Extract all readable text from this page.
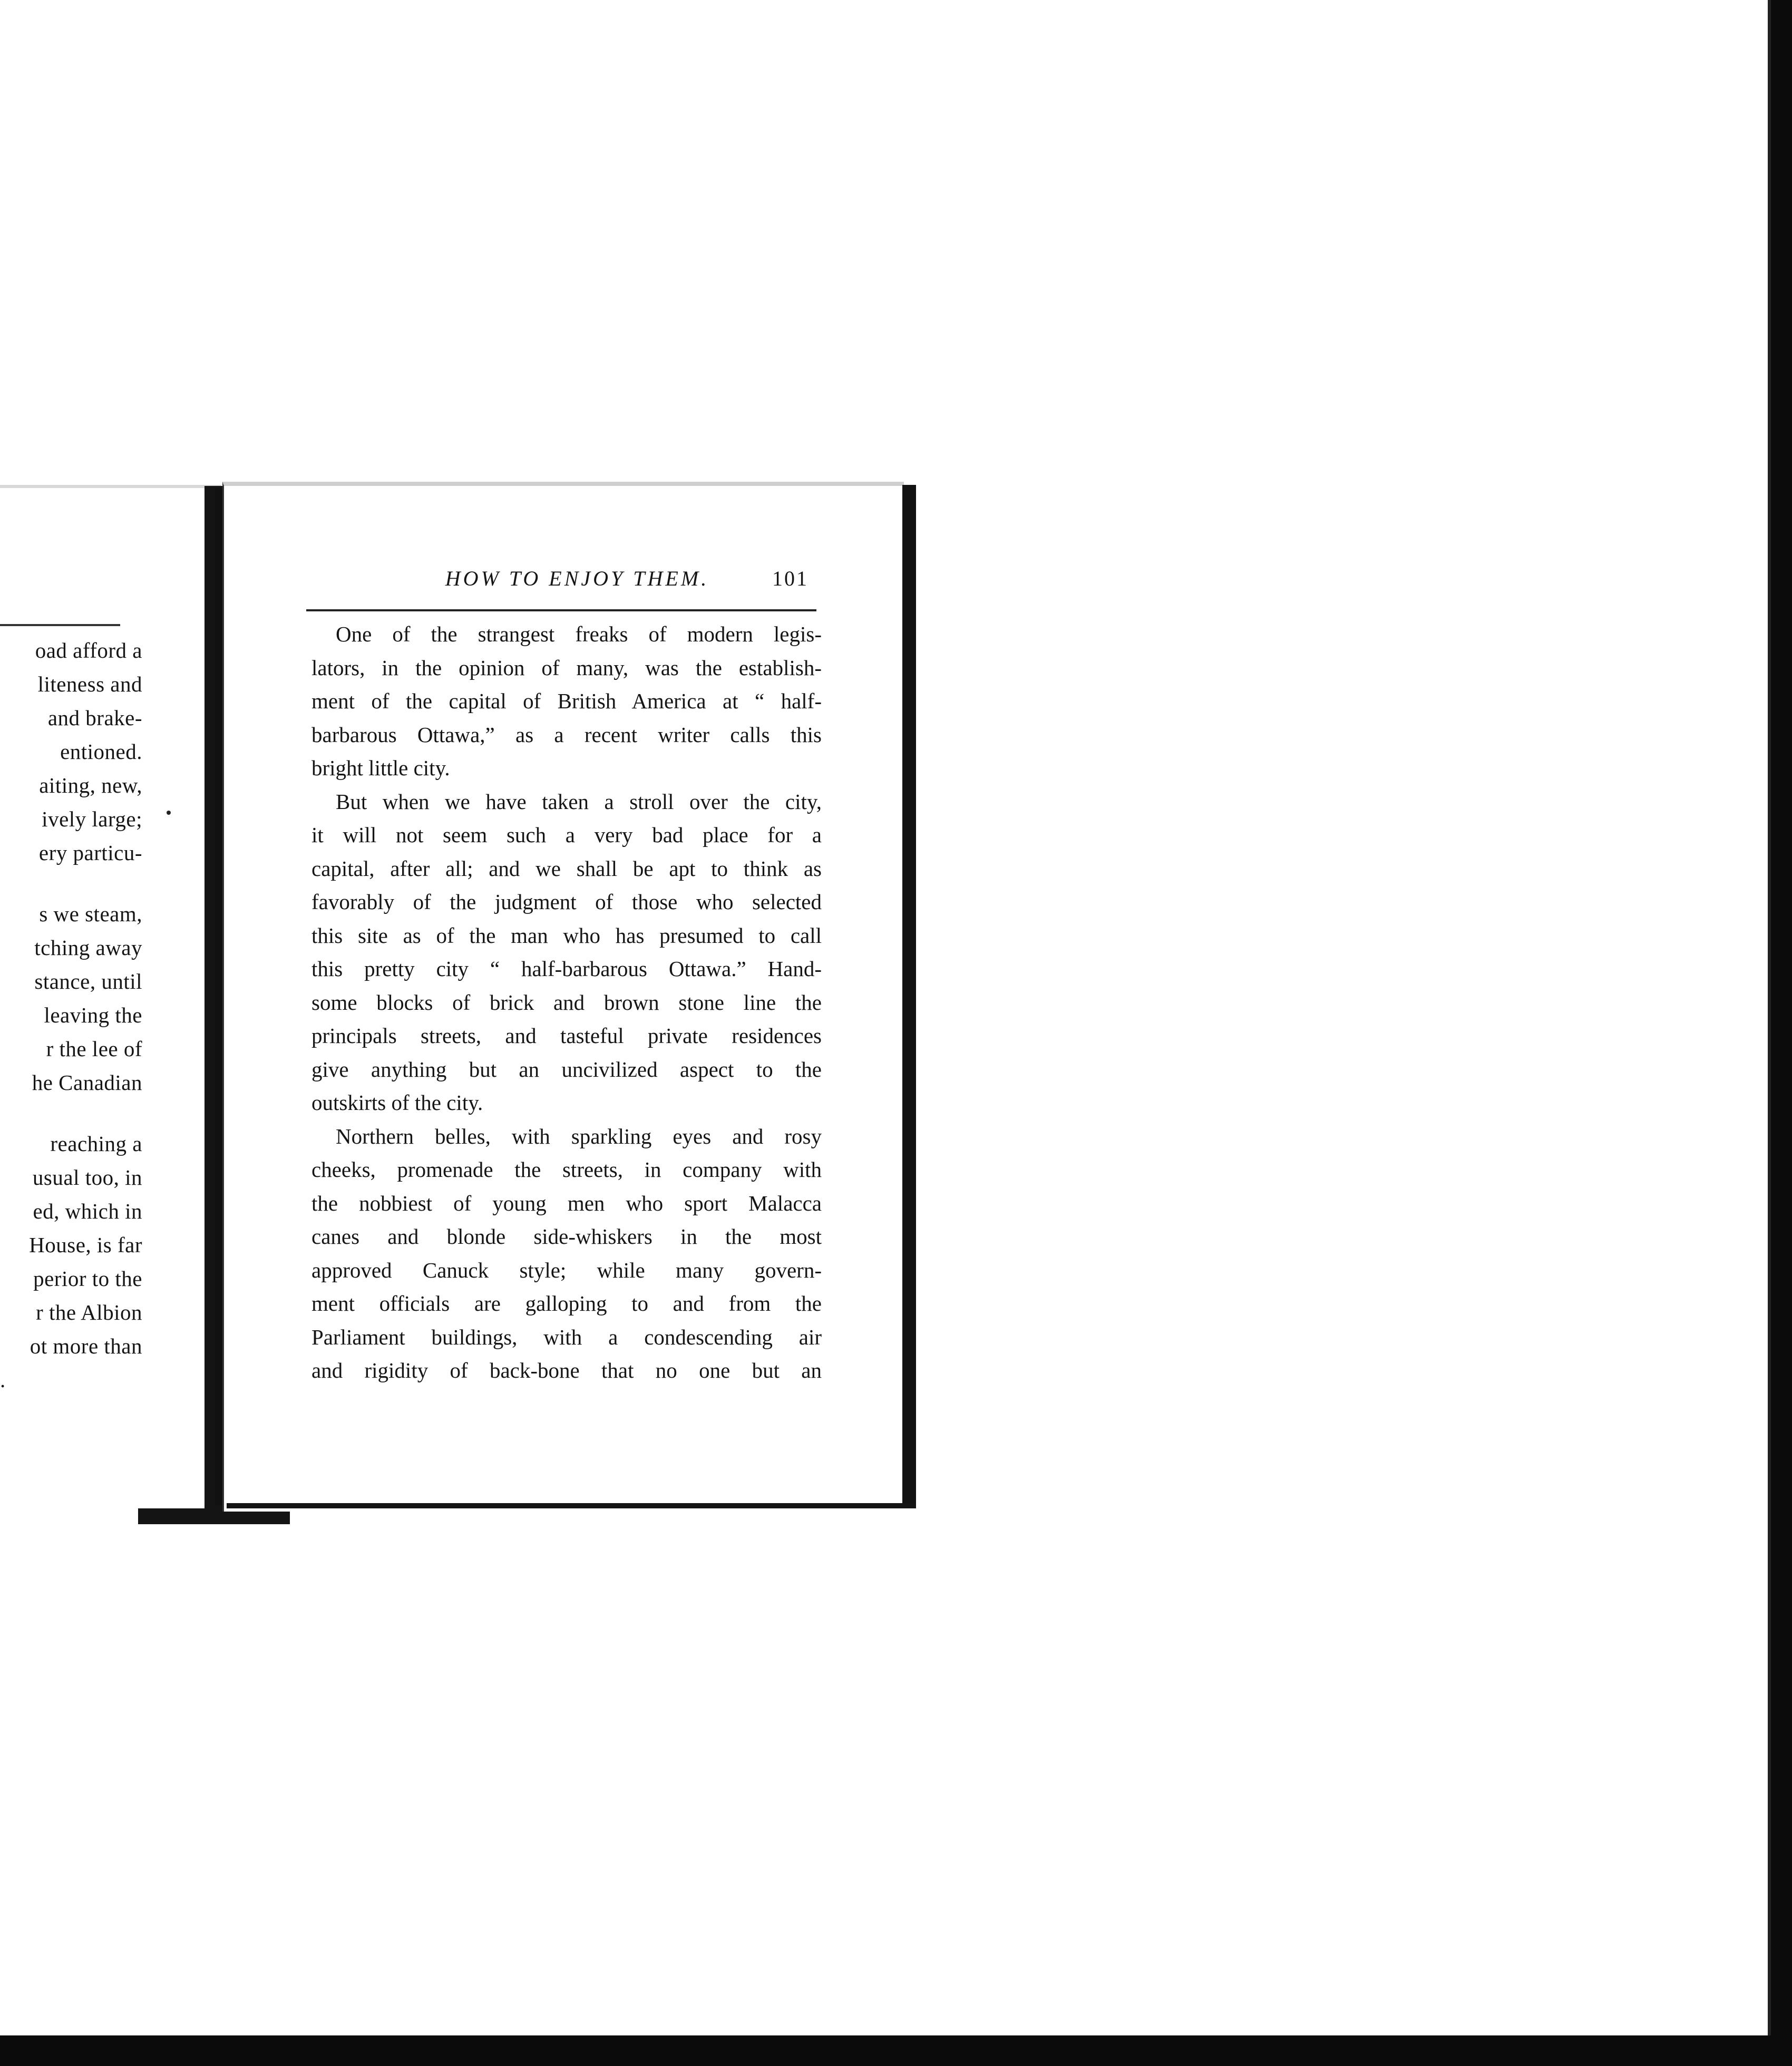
oad afford a
liteness and
and brake-
entioned.
aiting, new,
ively large;
ery particu-
s we steam,
tching away
stance, until
leaving the
r the lee of
he Canadian
reaching a
usual too, in
ed, which in
House, is far
perior to the
r the Albion
ot more than
.
HOW TO ENJOY THEM.	101
One of the strangest freaks of modern legis-
lators, in the opinion of many, was the establish-
ment of the capital of British America at “ half-
barbarous Ottawa,” as a recent writer calls this
bright little city.
But when we have taken a stroll over the city,
it will not seem such a very bad place for a
capital, after all; and we shall be apt to think as
favorably of the judgment of those who selected
this site as of the man who has presumed to call
this pretty city “ half-barbarous Ottawa.” Hand-
some blocks of brick and brown stone line the
principals streets, and tasteful private residences
give anything but an uncivilized aspect to the
outskirts of the city.
Northern belles, with sparkling eyes and rosy
cheeks, promenade the streets, in company with
the nobbiest of young men who sport Malacca
canes and blonde side-whiskers in the most
approved Canuck style; while many govern-
ment officials are galloping to and from the
Parliament buildings, with a condescending air
and rigidity of back-bone that no one but an
